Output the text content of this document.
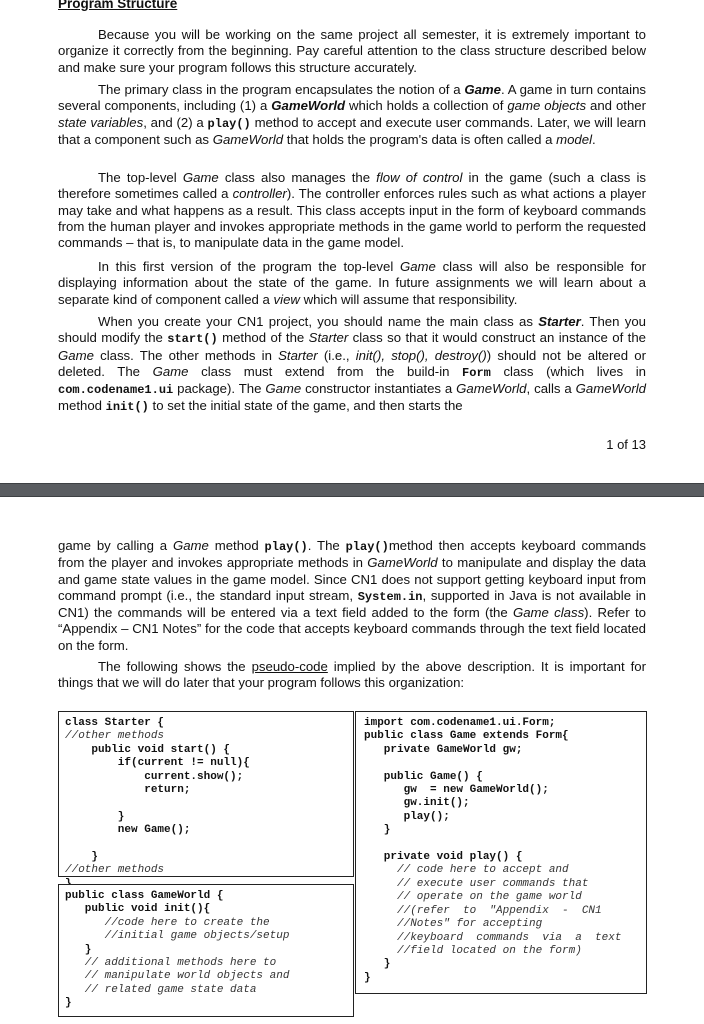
Program Structure

Because you will be working on the same project all semester, it is extremely important to organize it correctly from the beginning. Pay careful attention to the class structure described below and make sure your program follows this structure accurately.

The primary class in the program encapsulates the notion of a Game. A game in turn contains several components, including (1) a GameWorld which holds a collection of game objects and other state variables, and (2) a play() method to accept and execute user commands. Later, we will learn that a component such as GameWorld that holds the program's data is often called a model.

The top-level Game class also manages the flow of control in the game (such a class is therefore sometimes called a controller). The controller enforces rules such as what actions a player may take and what happens as a result. This class accepts input in the form of keyboard commands from the human player and invokes appropriate methods in the game world to perform the requested commands – that is, to manipulate data in the game model.

In this first version of the program the top-level Game class will also be responsible for displaying information about the state of the game. In future assignments we will learn about a separate kind of component called a view which will assume that responsibility.

When you create your CN1 project, you should name the main class as Starter. Then you should modify the start() method of the Starter class so that it would construct an instance of the Game class. The other methods in Starter (i.e., init(), stop(), destroy()) should not be altered or deleted. The Game class must extend from the build-in Form class (which lives in com.codename1.ui package). The Game constructor instantiates a GameWorld, calls a GameWorld method init() to set the initial state of the game, and then starts the

1 of 13

game by calling a Game method play(). The play()method then accepts keyboard commands from the player and invokes appropriate methods in GameWorld to manipulate and display the data and game state values in the game model. Since CN1 does not support getting keyboard input from command prompt (i.e., the standard input stream, System.in, supported in Java is not available in CN1) the commands will be entered via a text field added to the form (the Game class). Refer to “Appendix – CN1 Notes” for the code that accepts keyboard commands through the text field located on the form.

The following shows the pseudo-code implied by the above description. It is important for things that we will do later that your program follows this organization:

class Starter {
//other methods
public void start() {
if(current != null){
current.show();
return;

}
new Game();

}
//other methods
public class GameWorld {
public void init(){
//code here to create the
//initial game objects/setup
}
// additional methods here to
// manipulate world objects and
// related game state data
}
import com.codename1.ui.Form;
public class Game extends Form{
private GameWorld gw;

public Game() {
gw  = new GameWorld();
gw.init();
play();
}

private void play() {
// code here to accept and
// execute user commands that
// operate on the game world
//(refer  to  "Appendix  -  CN1
//Notes" for accepting
//keyboard  commands  via  a  text
//field located on the form)
}
}
